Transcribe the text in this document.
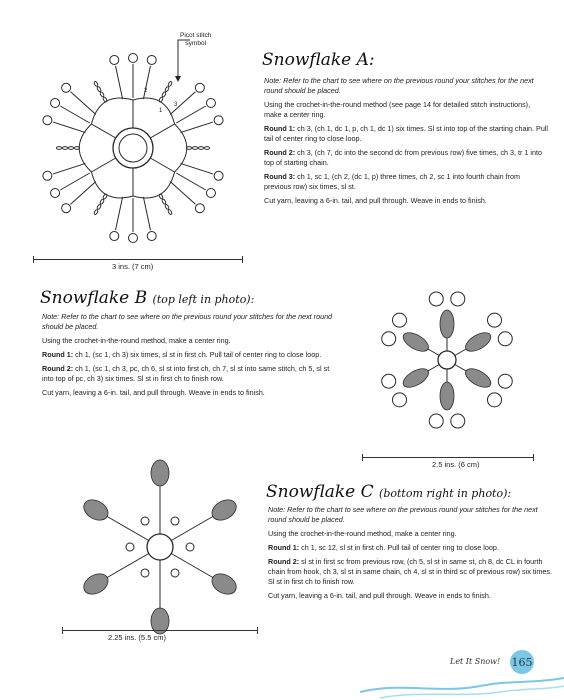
Picot stitch
symbol
1
2
3
3 ins. (7 cm)
Snowflake A:

Note: Refer to the chart to see where on the previous round your stitches for the next round should be placed.

Using the crochet-in-the-round method (see page 14 for detailed stitch instructions), make a center ring.

Round 1: ch 3, (ch 1, dc 1, p, ch 1, dc 1) six times. Sl st into top of the starting chain. Pull tail of center ring to close loop.

Round 2: ch 3, (ch 7, dc into the second dc from previous row) five times, ch 3, tr 1 into top of starting chain.

Round 3: ch 1, sc 1, (ch 2, (dc 1, p) three times, ch 2, sc 1 into fourth chain from previous row) six times, sl st.

Cut yarn, leaving a 6-in. tail, and pull through. Weave in ends to finish.

Snowflake B (top left in photo):

Note: Refer to the chart to see where on the previous round your stitches for the next round should be placed.

Using the crochet-in-the-round method, make a center ring.

Round 1: ch 1, (sc 1, ch 3) six times, sl st in first ch. Pull tail of center ring to close loop.

Round 2: ch 1, (sc 1, ch 3, pc, ch 6, sl st into first ch, ch 7, sl st into same stitch, ch 5, sl st into top of pc, ch 3) six times. Sl st in first ch to finish row.

Cut yarn, leaving a 6-in. tail, and pull through. Weave in ends to finish.

2.5 ins. (6 cm)
2.25 ins. (5.5 cm)
Snowflake C (bottom right in photo):

Note: Refer to the chart to see where on the previous round your stitches for the next round should be placed.

Using the crochet-in-the-round method, make a center ring.

Round 1: ch 1, sc 12, sl st in first ch. Pull tail of center ring to close loop.

Round 2: sl st in first sc from previous row, (ch 5, sl st in same st, ch 8, dc CL in fourth chain from hook, ch 3, sl st in same chain, ch 4, sl st in third sc of previous row) six times. Sl st in first ch to finish row.

Cut yarn, leaving a 6-in. tail, and pull through. Weave in ends to finish.

Let It Snow! 165
